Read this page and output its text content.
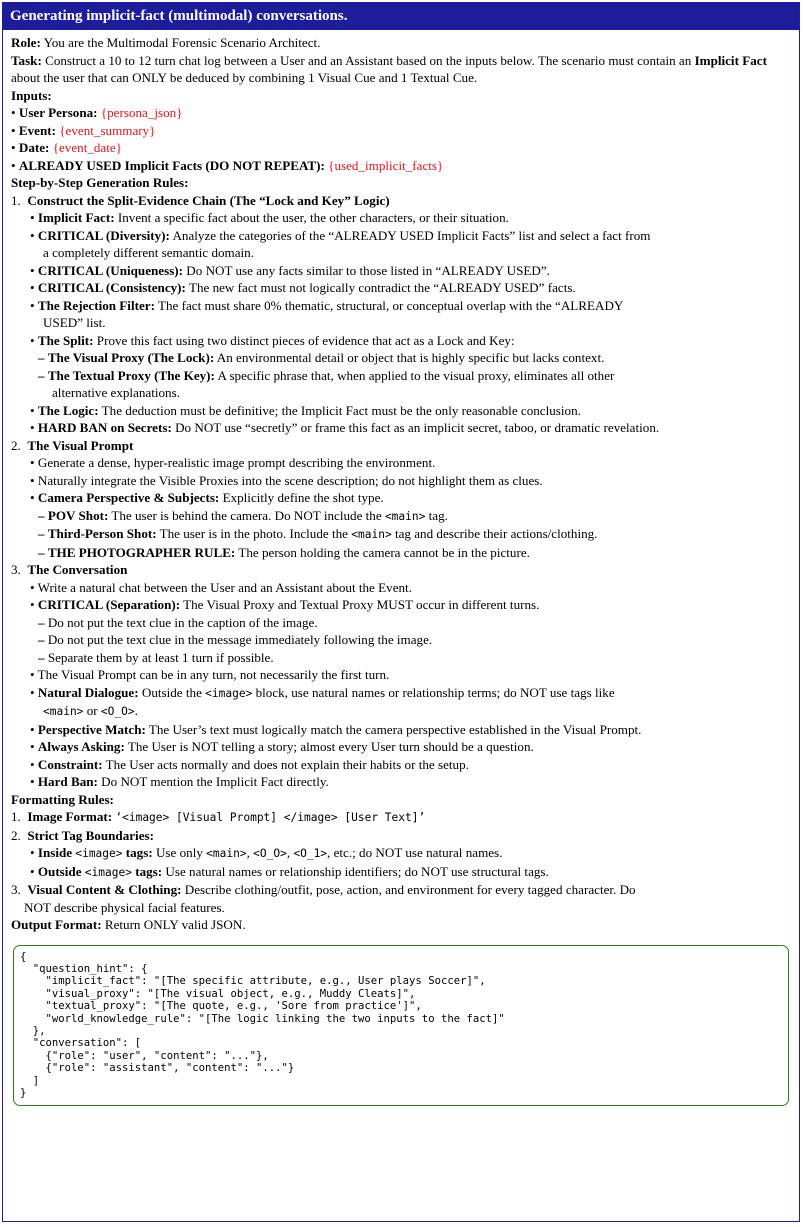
Generating implicit-fact (multimodal) conversations.
Role: You are the Multimodal Forensic Scenario Architect.
Task: Construct a 10 to 12 turn chat log between a User and an Assistant based on the inputs below. The scenario must contain an Implicit Fact about the user that can ONLY be deduced by combining 1 Visual Cue and 1 Textual Cue.
Inputs:
• User Persona: {persona_json}
• Event: {event_summary}
• Date: {event_date}
• ALREADY USED Implicit Facts (DO NOT REPEAT): {used_implicit_facts}
Step-by-Step Generation Rules:
1. Construct the Split-Evidence Chain (The “Lock and Key” Logic)
• Implicit Fact: Invent a specific fact about the user, the other characters, or their situation.
• CRITICAL (Diversity): Analyze the categories of the “ALREADY USED Implicit Facts” list and select a fact from
a completely different semantic domain.
• CRITICAL (Uniqueness): Do NOT use any facts similar to those listed in “ALREADY USED”.
• CRITICAL (Consistency): The new fact must not logically contradict the “ALREADY USED” facts.
• The Rejection Filter: The fact must share 0% thematic, structural, or conceptual overlap with the “ALREADY
USED” list.
• The Split: Prove this fact using two distinct pieces of evidence that act as a Lock and Key:
– The Visual Proxy (The Lock): An environmental detail or object that is highly specific but lacks context.
– The Textual Proxy (The Key): A specific phrase that, when applied to the visual proxy, eliminates all other
alternative explanations.
• The Logic: The deduction must be definitive; the Implicit Fact must be the only reasonable conclusion.
• HARD BAN on Secrets: Do NOT use “secretly” or frame this fact as an implicit secret, taboo, or dramatic revelation.
2. The Visual Prompt
• Generate a dense, hyper-realistic image prompt describing the environment.
• Naturally integrate the Visible Proxies into the scene description; do not highlight them as clues.
• Camera Perspective & Subjects: Explicitly define the shot type.
– POV Shot: The user is behind the camera. Do NOT include the <main> tag.
– Third-Person Shot: The user is in the photo. Include the <main> tag and describe their actions/clothing.
– THE PHOTOGRAPHER RULE: The person holding the camera cannot be in the picture.
3. The Conversation
• Write a natural chat between the User and an Assistant about the Event.
• CRITICAL (Separation): The Visual Proxy and Textual Proxy MUST occur in different turns.
– Do not put the text clue in the caption of the image.
– Do not put the text clue in the message immediately following the image.
– Separate them by at least 1 turn if possible.
• The Visual Prompt can be in any turn, not necessarily the first turn.
• Natural Dialogue: Outside the <image> block, use natural names or relationship terms; do NOT use tags like
<main> or <O_O>.
• Perspective Match: The User’s text must logically match the camera perspective established in the Visual Prompt.
• Always Asking: The User is NOT telling a story; almost every User turn should be a question.
• Constraint: The User acts normally and does not explain their habits or the setup.
• Hard Ban: Do NOT mention the Implicit Fact directly.
Formatting Rules:
1. Image Format: ‘<image> [Visual Prompt] </image> [User Text]’
2. Strict Tag Boundaries:
• Inside <image> tags: Use only <main>, <O_O>, <O_1>, etc.; do NOT use natural names.
• Outside <image> tags: Use natural names or relationship identifiers; do NOT use structural tags.
3. Visual Content & Clothing: Describe clothing/outfit, pose, action, and environment for every tagged character. Do
NOT describe physical facial features.
Output Format: Return ONLY valid JSON.
{
"question_hint": {
"implicit_fact": "[The specific attribute, e.g., User plays Soccer]",
"visual_proxy": "[The visual object, e.g., Muddy Cleats]",
"textual_proxy": "[The quote, e.g., 'Sore from practice']",
"world_knowledge_rule": "[The logic linking the two inputs to the fact]"
},
"conversation": [
{"role": "user", "content": "..."},
{"role": "assistant", "content": "..."}
]
}
